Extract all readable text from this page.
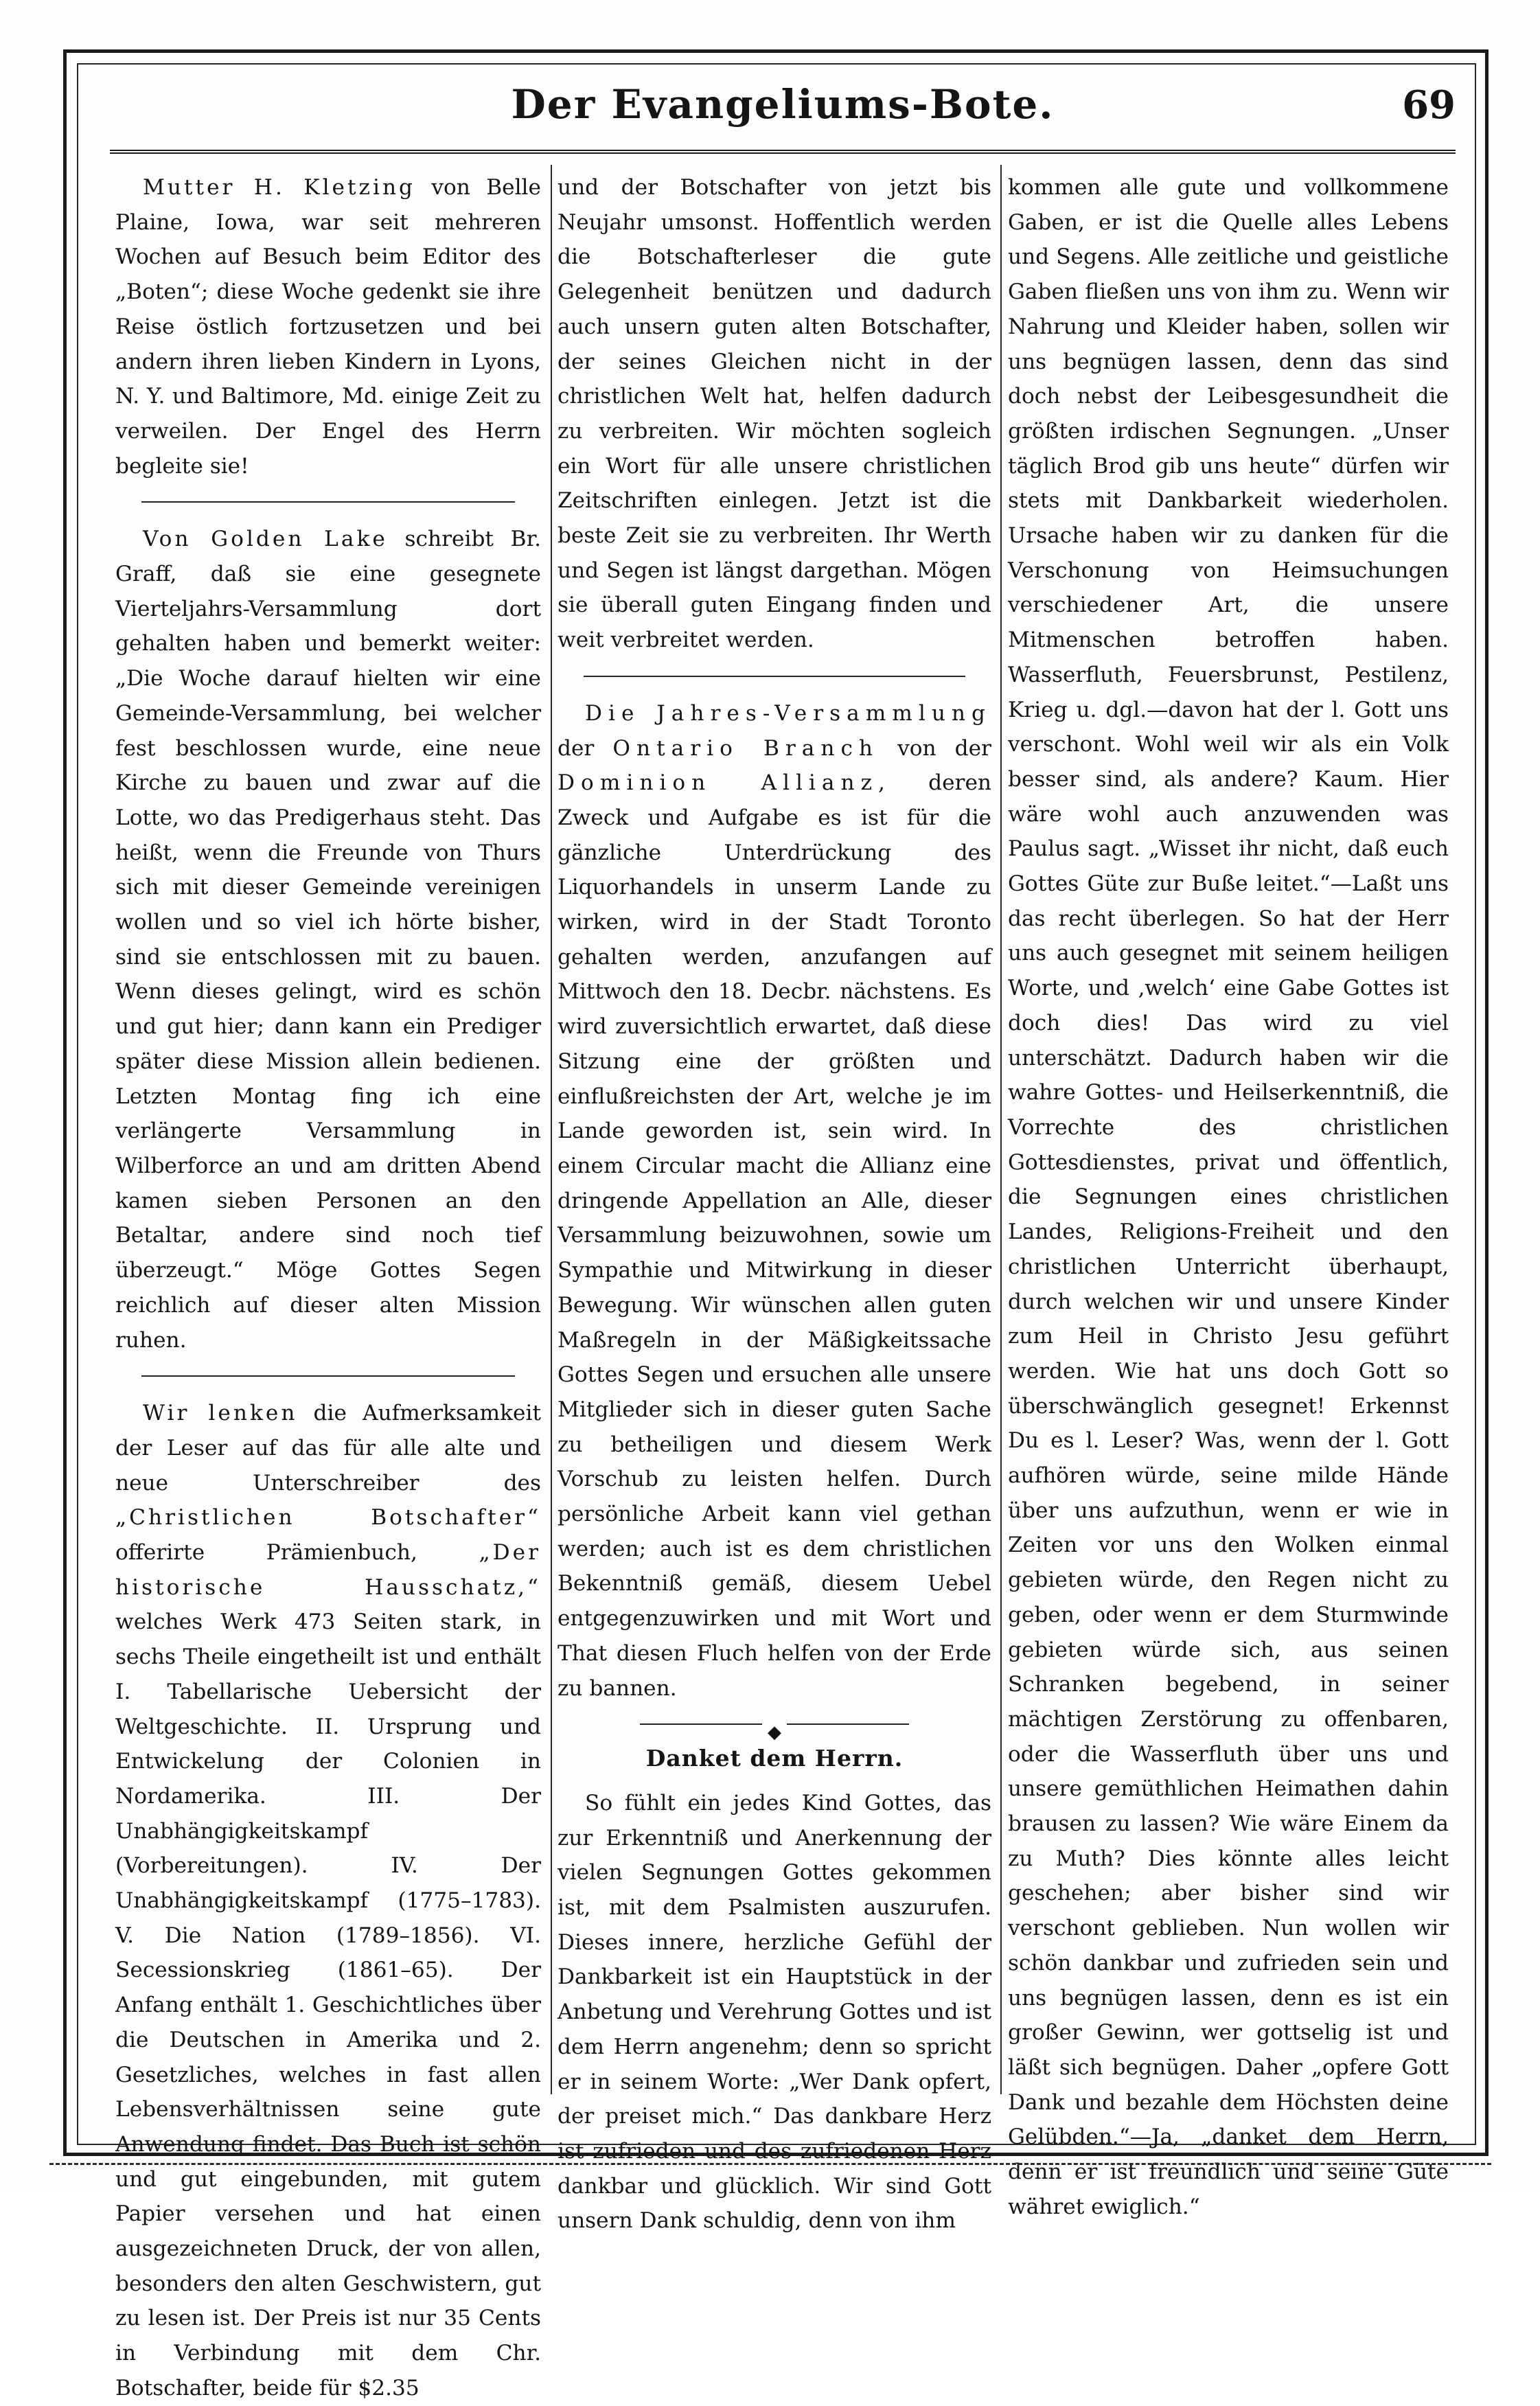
Der Evangeliums-Bote.	69

Mutter H. Kletzing von Belle Plaine, Iowa, war seit mehreren Wochen auf Besuch beim Editor des „Boten“; diese Woche gedenkt sie ihre Reise östlich fortzusetzen und bei andern ihren lieben Kindern in Lyons, N. Y. und Baltimore, Md. einige Zeit zu verweilen. Der Engel des Herrn begleite sie!

Von Golden Lake schreibt Br. Graff, daß sie eine gesegnete Vierteljahrs-Versammlung dort gehalten haben und bemerkt weiter: „Die Woche darauf hielten wir eine Gemeinde-Versammlung, bei welcher fest beschlossen wurde, eine neue Kirche zu bauen und zwar auf die Lotte, wo das Predigerhaus steht. Das heißt, wenn die Freunde von Thurs sich mit dieser Gemeinde vereinigen wollen und so viel ich hörte bisher, sind sie entschlossen mit zu bauen. Wenn dieses gelingt, wird es schön und gut hier; dann kann ein Prediger später diese Mission allein bedienen. Letzten Montag fing ich eine verlängerte Versammlung in Wilberforce an und am dritten Abend kamen sieben Personen an den Betaltar, andere sind noch tief überzeugt.“ Möge Gottes Segen reichlich auf dieser alten Mission ruhen.

Wir lenken die Aufmerksamkeit der Leser auf das für alle alte und neue Unterschreiber des „Christlichen Botschafter“ offerirte Prämienbuch,	„Der historische Hausschatz,“ welches Werk 473 Seiten stark, in sechs Theile eingetheilt ist und enthält I. Tabellarische Uebersicht der Weltgeschichte. II. Ursprung und Entwickelung der Colonien in Nordamerika. III. Der Unabhängigkeitskampf (Vorbereitungen). IV. Der Unabhängigkeitskampf (1775–1783). V. Die Nation (1789–1856). VI. Secessionskrieg (1861–65). Der Anfang enthält 1. Geschichtliches über die Deutschen in Amerika und 2. Gesetzliches, welches in fast allen Lebensverhältnissen seine gute Anwendung findet. Das Buch ist schön und gut eingebunden, mit gutem Papier versehen und hat einen ausgezeichneten Druck, der von allen, besonders den alten Geschwistern, gut zu lesen ist. Der Preis ist nur 35 Cents in Verbindung mit dem Chr. Botschafter, beide für $2.35

und der Botschafter von jetzt bis Neujahr umsonst. Hoffentlich werden die Botschafterleser die gute Gelegenheit benützen und dadurch auch unsern guten alten Botschafter, der seines Gleichen nicht in der christlichen Welt hat, helfen dadurch zu verbreiten. Wir möchten sogleich ein Wort für alle unsere christlichen Zeitschriften einlegen. Jetzt ist die beste Zeit sie zu verbreiten. Ihr Werth und Segen ist längst dargethan. Mögen sie überall guten Eingang finden und weit verbreitet werden.

Die Jahres-Versammlung der Ontario Branch von der Dominion Allianz, deren Zweck und Aufgabe es ist für die gänzliche Unterdrückung des Liquorhandels in unserm Lande zu wirken, wird in der Stadt Toronto gehalten werden, anzufangen auf Mittwoch den 18. Decbr. nächstens. Es wird zuversichtlich erwartet, daß diese Sitzung eine der größten und einflußreichsten der Art, welche je im Lande geworden ist, sein wird. In einem Circular macht die Allianz eine dringende Appellation an Alle, dieser Versammlung beizuwohnen, sowie um Sympathie und Mitwirkung in dieser Bewegung. Wir wünschen allen guten Maßregeln in der Mäßigkeitssache Gottes Segen und ersuchen alle unsere Mitglieder sich in dieser guten Sache zu betheiligen und diesem Werk Vorschub zu leisten helfen. Durch persönliche Arbeit kann viel gethan werden; auch ist es dem christlichen Bekenntniß gemäß, diesem Uebel entgegenzuwirken und mit Wort und That diesen Fluch helfen von der Erde zu bannen.

◆
Danket dem Herrn.

So fühlt ein jedes Kind Gottes, das zur Erkenntniß und Anerkennung der vielen Segnungen Gottes gekommen ist, mit dem Psalmisten auszurufen. Dieses innere, herzliche Gefühl der Dankbarkeit ist ein Hauptstück in der Anbetung und Verehrung Gottes und ist dem Herrn angenehm; denn so spricht er in seinem Worte: „Wer Dank opfert, der preiset mich.“ Das dankbare Herz ist zufrieden und des zufriedenen Herz dankbar und glücklich. Wir sind Gott unsern Dank schuldig, denn von ihm

kommen alle gute und vollkommene Gaben, er ist die Quelle alles Lebens und Segens. Alle zeitliche und geistliche Gaben fließen uns von ihm zu. Wenn wir Nahrung und Kleider haben, sollen wir uns begnügen lassen, denn das sind doch nebst der Leibesgesundheit die größten irdischen Segnungen. „Unser täglich Brod gib uns heute“ dürfen wir stets mit Dankbarkeit wiederholen. Ursache haben wir zu danken für die Verschonung von Heimsuchungen verschiedener Art, die unsere Mitmenschen betroffen haben. Wasserfluth, Feuersbrunst, Pestilenz, Krieg u. dgl.—davon hat der l. Gott uns verschont. Wohl weil wir als ein Volk besser sind, als andere? Kaum. Hier wäre wohl auch anzuwenden was Paulus sagt. „Wisset ihr nicht, daß euch Gottes Güte zur Buße leitet.“—Laßt uns das recht überlegen. So hat der Herr uns auch gesegnet mit seinem heiligen Worte, und ‚welch‘ eine Gabe Gottes ist doch dies! Das wird zu viel unterschätzt. Dadurch haben wir die wahre Gottes- und Heilserkenntniß, die Vorrechte des christlichen Gottesdienstes, privat und öffentlich, die Segnungen eines christlichen Landes, Religions-Freiheit und den christlichen Unterricht überhaupt, durch welchen wir und unsere Kinder zum Heil in Christo Jesu geführt werden. Wie hat uns doch Gott so überschwänglich gesegnet! Erkennst Du es l. Leser? Was, wenn der l. Gott aufhören würde, seine milde Hände über uns aufzuthun, wenn er wie in Zeiten vor uns den Wolken einmal gebieten würde, den Regen nicht zu geben, oder wenn er dem Sturmwinde gebieten würde sich, aus seinen Schranken begebend, in seiner mächtigen Zerstörung zu offenbaren, oder die Wasserfluth über uns und unsere gemüthlichen Heimathen dahin brausen zu lassen? Wie wäre Einem da zu Muth? Dies könnte alles leicht geschehen; aber bisher sind wir verschont geblieben. Nun wollen wir schön dankbar und zufrieden sein und uns begnügen lassen, denn es ist ein großer Gewinn, wer gottselig ist und läßt sich begnügen. Daher „opfere Gott Dank und bezahle dem Höchsten deine Gelübden.“—Ja, „danket dem Herrn, denn er ist freundlich und seine Güte währet ewiglich.“
